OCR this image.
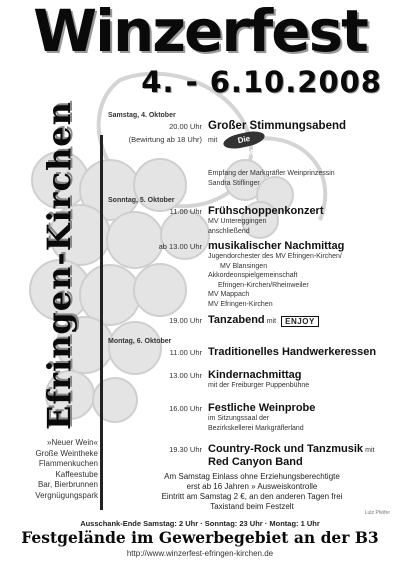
Winzerfest
4. - 6.10.2008
Efringen-Kirchen
»Neuer Wein«
Große Weintheke
Flammenkuchen
Kaffeestube
Bar, Bierbrunnen
Vergnügungspark
Samstag, 4. Oktober
20.00 Uhr Großer Stimmungsabend
(Bewirtung ab 18 Uhr) mit Die Kraichtaler
Empfang der Markgräfler Weinprinzessin
Sandra Stiflinger
Sonntag, 5. Oktober
11.00 Uhr Frühschoppenkonzert
MV Untereggingen
anschließend
ab 13.00 Uhr musikalischer Nachmittag
Jugendorchester des MV Efringen-Kirchen/
MV Blansingen
Akkordeonspielgemeinschaft
Efringen-Kirchen/Rheinweiler
MV Mappach
MV Efringen-Kirchen
19.00 Uhr Tanzabend mit ENJOY
Montag, 6. Oktober
11.00 Uhr Traditionelles Handwerkeressen
13.00 Uhr Kindernachmittag
mit der Freiburger Puppenbühne
16.00 Uhr Festliche Weinprobe
im Sitzungssaal der
Bezirkskellerei Markgräflerland
19.30 Uhr Country-Rock und Tanzmusik mit
Red Canyon Band
Am Samstag Einlass ohne Erziehungsberechtigte
erst ab 16 Jahren » Ausweiskontrolle
Eintritt am Samstag 2 €, an den anderen Tagen frei
Taxistand beim Festzelt
Lutz Pfeifer
Ausschank-Ende Samstag: 2 Uhr · Sonntag: 23 Uhr · Montag: 1 Uhr
Festgelände im Gewerbegebiet an der B3
http://www.winzerfest-efringen-kirchen.de
